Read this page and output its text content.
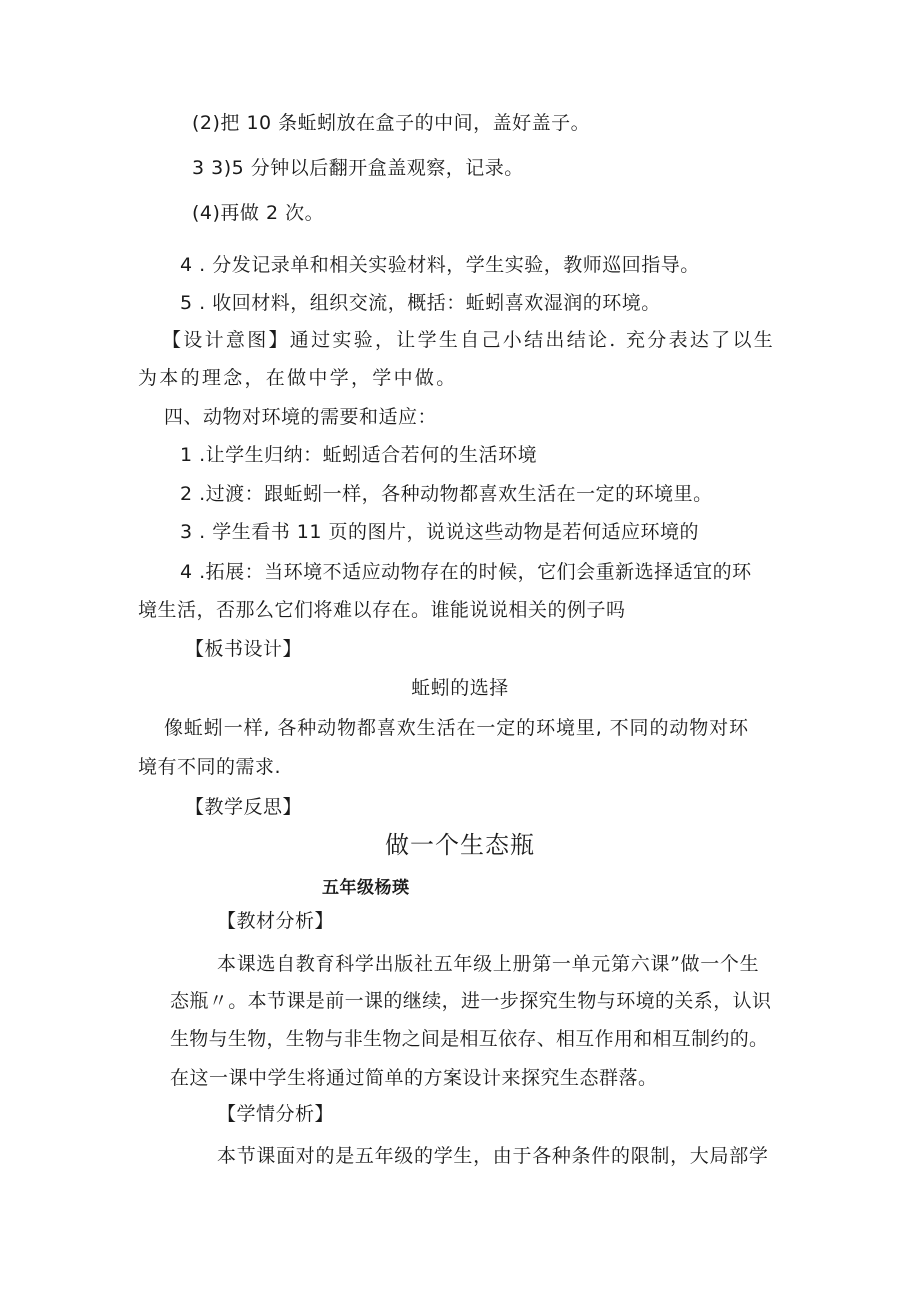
(2)把 10 条蚯蚓放在盒子的中间，盖好盖子。
3 3)5 分钟以后翻开盒盖观察，记录。
(4)再做 2 次。
4 . 分发记录单和相关实验材料，学生实验，教师巡回指导。
5 . 收回材料，组织交流，概括：蚯蚓喜欢湿润的环境。
【设计意图】通过实验，让学生自己小结出结论. 充分表达了以生
为本的理念，在做中学，学中做。
四、动物对环境的需要和适应：
1 .让学生归纳：蚯蚓适合若何的生活环境
2 .过渡：跟蚯蚓一样，各种动物都喜欢生活在一定的环境里。
3 . 学生看书 11 页的图片，说说这些动物是若何适应环境的
4 .拓展：当环境不适应动物存在的时候，它们会重新选择适宜的环
境生活，否那么它们将难以存在。谁能说说相关的例子吗
【板书设计】
蚯蚓的选择
像蚯蚓一样, 各种动物都喜欢生活在一定的环境里, 不同的动物对环
境有不同的需求.
【教学反思】
做一个生态瓶
五年级杨瑛
【教材分析】
本课选自教育科学出版社五年级上册第一单元第六课”做一个生
态瓶〃。本节课是前一课的继续，进一步探究生物与环境的关系，认识
生物与生物，生物与非生物之间是相互依存、相互作用和相互制约的。
在这一课中学生将通过简单的方案设计来探究生态群落。
【学情分析】
本节课面对的是五年级的学生，由于各种条件的限制，大局部学
